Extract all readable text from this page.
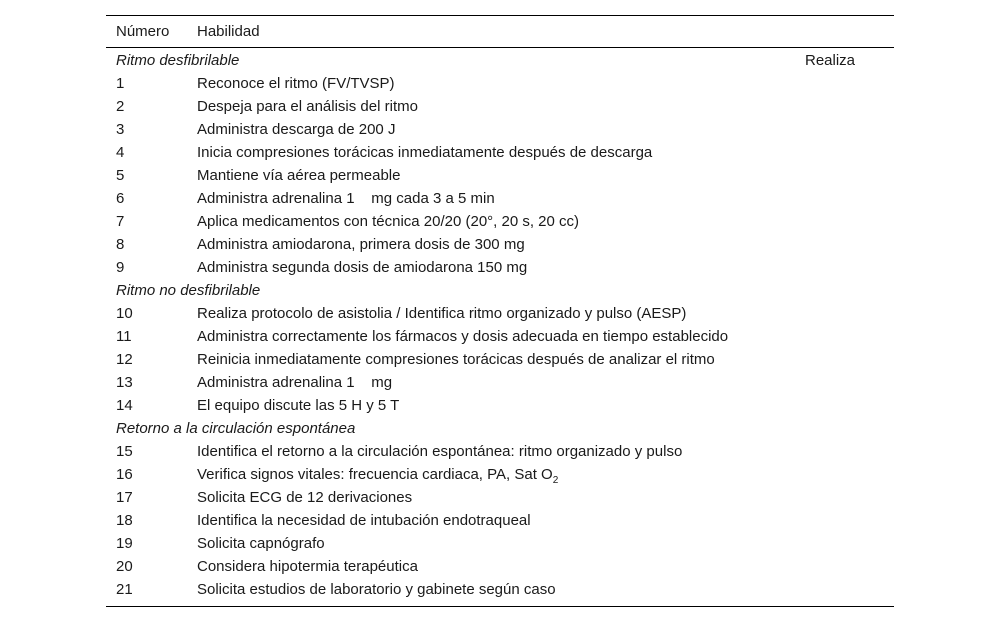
Número	Habilidad
Ritmo desfibrilable	Realiza
1	Reconoce el ritmo (FV/TVSP)
2	Despeja para el análisis del ritmo
3	Administra descarga de 200 J
4	Inicia compresiones torácicas inmediatamente después de descarga
5	Mantiene vía aérea permeable
6	Administra adrenalina 1    mg cada 3 a 5 min
7	Aplica medicamentos con técnica 20/20 (20°, 20 s, 20 cc)
8	Administra amiodarona, primera dosis de 300 mg
9	Administra segunda dosis de amiodarona 150 mg
Ritmo no desfibrilable
10	Realiza protocolo de asistolia / Identifica ritmo organizado y pulso (AESP)
11	Administra correctamente los fármacos y dosis adecuada en tiempo establecido
12	Reinicia inmediatamente compresiones torácicas después de analizar el ritmo
13	Administra adrenalina 1    mg
14	El equipo discute las 5 H y 5 T
Retorno a la circulación espontánea
15	Identifica el retorno a la circulación espontánea: ritmo organizado y pulso
16	Verifica signos vitales: frecuencia cardiaca, PA, Sat $O_2$
17	Solicita ECG de 12 derivaciones
18	Identifica la necesidad de intubación endotraqueal
19	Solicita capnógrafo
20	Considera hipotermia terapéutica
21	Solicita estudios de laboratorio y gabinete según caso
